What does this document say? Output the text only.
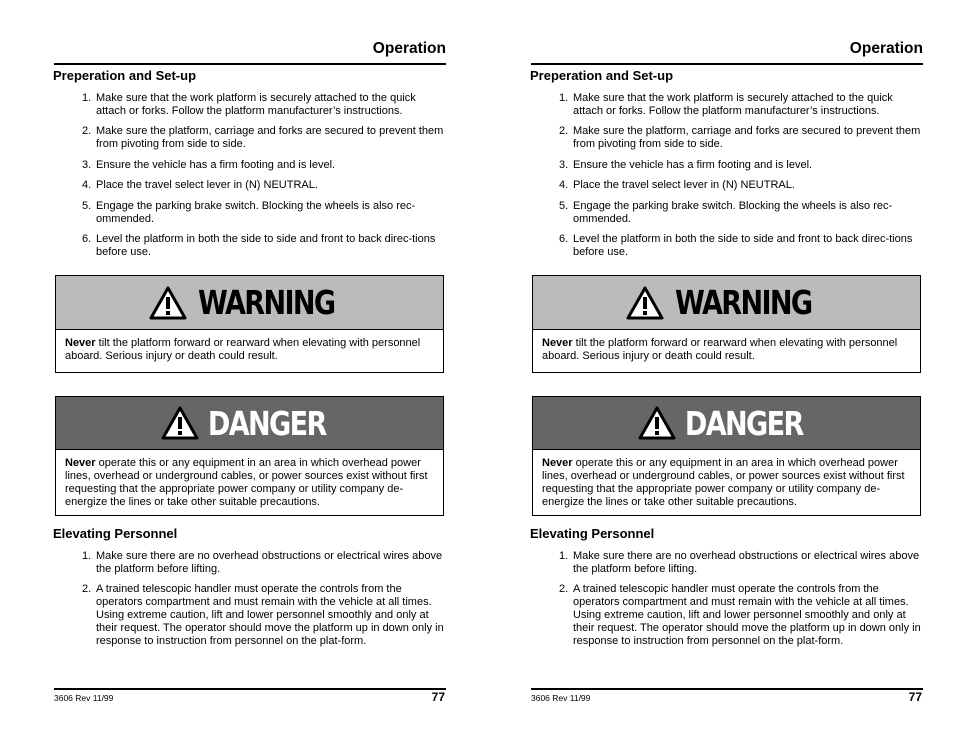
Operation
Preperation and Set-up
1. Make sure that the work platform is securely attached to the quick attach or forks. Follow the platform manufacturer’s instructions.
2. Make sure the platform, carriage and forks are secured to prevent them from pivoting from side to side.
3. Ensure the vehicle has a firm footing and is level.
4. Place the travel select lever in (N) NEUTRAL.
5. Engage the parking brake switch. Blocking the wheels is also rec-ommended.
6. Level the platform in both the side to side and front to back direc-tions before use.
WARNING
Never tilt the platform forward or rearward when elevating with personnel aboard. Serious injury or death could result.
DANGER
Never operate this or any equipment in an area in which overhead power lines, overhead or underground cables, or power sources exist without first requesting that the appropriate power company or utility company de-energize the lines or take other suitable precautions.
Elevating Personnel
1. Make sure there are no overhead obstructions or electrical wires above the platform before lifting.
2. A trained telescopic handler must operate the controls from the operators compartment and must remain with the vehicle at all times. Using extreme caution, lift and lower personnel smoothly and only at their request. The operator should move the platform up in down only in response to instruction from personnel on the plat-form.
3606 Rev 11/99	77
Operation
Preperation and Set-up
1. Make sure that the work platform is securely attached to the quick attach or forks. Follow the platform manufacturer’s instructions.
2. Make sure the platform, carriage and forks are secured to prevent them from pivoting from side to side.
3. Ensure the vehicle has a firm footing and is level.
4. Place the travel select lever in (N) NEUTRAL.
5. Engage the parking brake switch. Blocking the wheels is also rec-ommended.
6. Level the platform in both the side to side and front to back direc-tions before use.
WARNING
Never tilt the platform forward or rearward when elevating with personnel aboard. Serious injury or death could result.
DANGER
Never operate this or any equipment in an area in which overhead power lines, overhead or underground cables, or power sources exist without first requesting that the appropriate power company or utility company de-energize the lines or take other suitable precautions.
Elevating Personnel
1. Make sure there are no overhead obstructions or electrical wires above the platform before lifting.
2. A trained telescopic handler must operate the controls from the operators compartment and must remain with the vehicle at all times. Using extreme caution, lift and lower personnel smoothly and only at their request. The operator should move the platform up in down only in response to instruction from personnel on the plat-form.
3606 Rev 11/99	77
